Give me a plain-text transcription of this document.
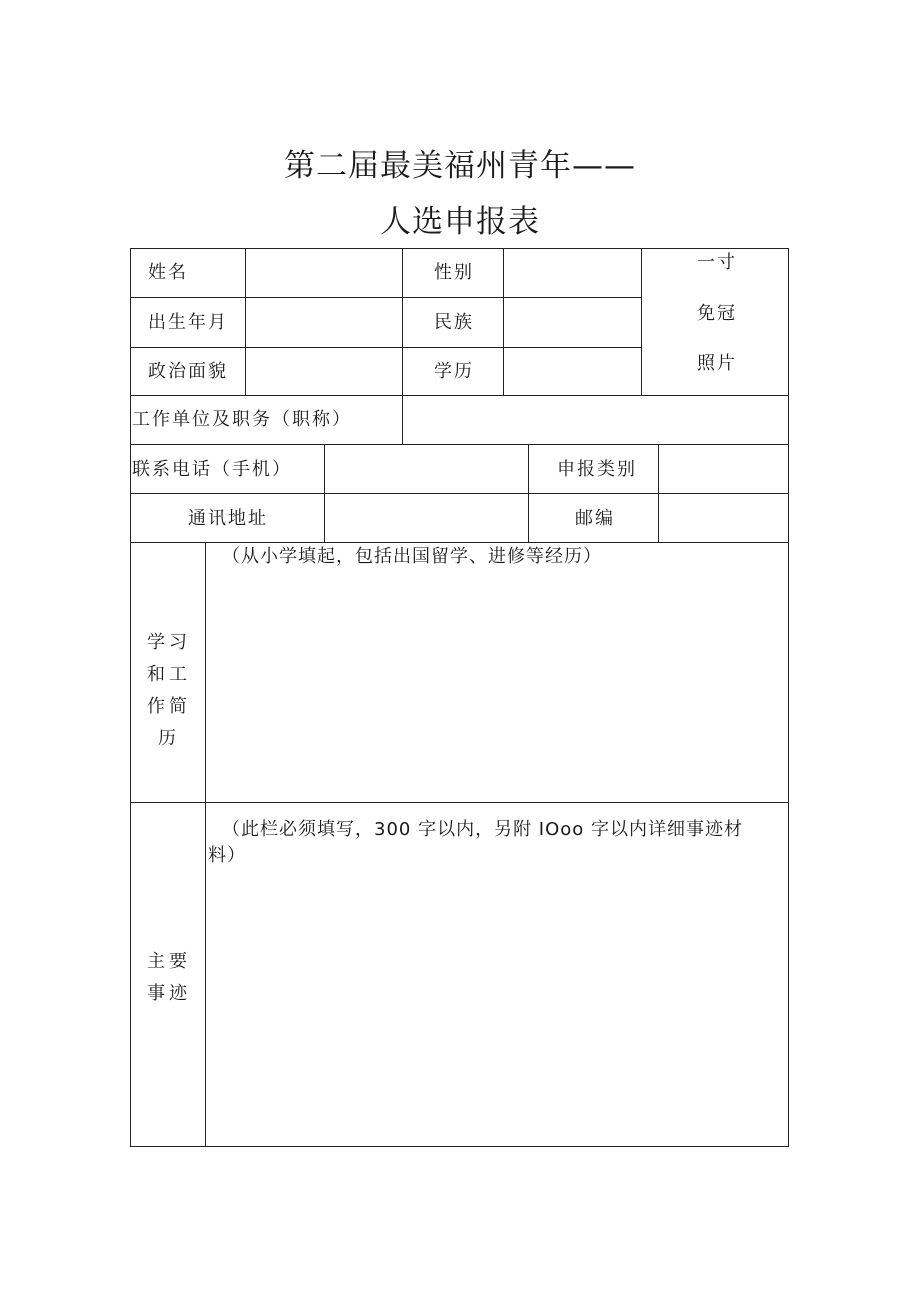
第二届最美福州青年——
人选申报表
姓名	性别
出生年月	民族
政治面貌	学历
一寸
免冠
照片
工作单位及职务（职称）
联系电话（手机）	申报类别
通讯地址	邮编
学习和工作简历
（从小学填起，包括出国留学、进修等经历）
主要事迹
（此栏必须填写，300 字以内，另附 IOoo 字以内详细事迹材
料）
